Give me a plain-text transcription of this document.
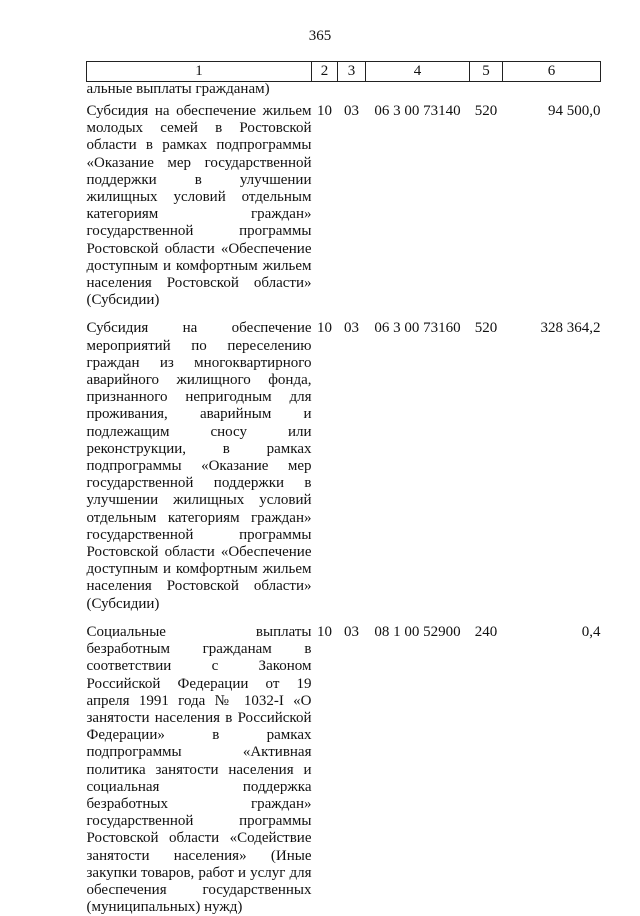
365
1	2	3	4	5	6
альные выплаты гражданам)					
Субсидия на обеспечение жильем молодых семей в Ростовской области в рамках подпрограммы «Оказание мер государственной поддержки в улучшении жилищных условий отдельным категориям граждан» государственной программы Ростовской области «Обеспечение доступным и комфортным жильем населения Ростовской области» (Субсидии)	10	03	06 3 00 73140	520	94 500,0
Субсидия на обеспечение мероприятий по переселению граждан из многоквартирного аварийного жилищного фонда, признанного непригодным для проживания, аварийным и подлежащим сносу или реконструкции, в рамках подпрограммы «Оказание мер государственной поддержки в улучшении жилищных условий отдельным категориям граждан» государственной программы Ростовской области «Обеспечение доступным и комфортным жильем населения Ростовской области» (Субсидии)	10	03	06 3 00 73160	520	328 364,2
Социальные выплаты безработным гражданам в соответствии с Законом Российской Федерации от 19 апреля 1991 года № 1032-I «О занятости населения в Российской Федерации» в рамках подпрограммы «Активная политика занятости населения и социальная поддержка безработных граждан» государственной программы Ростовской области «Содействие занятости населения» (Иные закупки товаров, работ и услуг для обеспечения государственных (муниципальных) нужд)	10	03	08 1 00 52900	240	0,4
